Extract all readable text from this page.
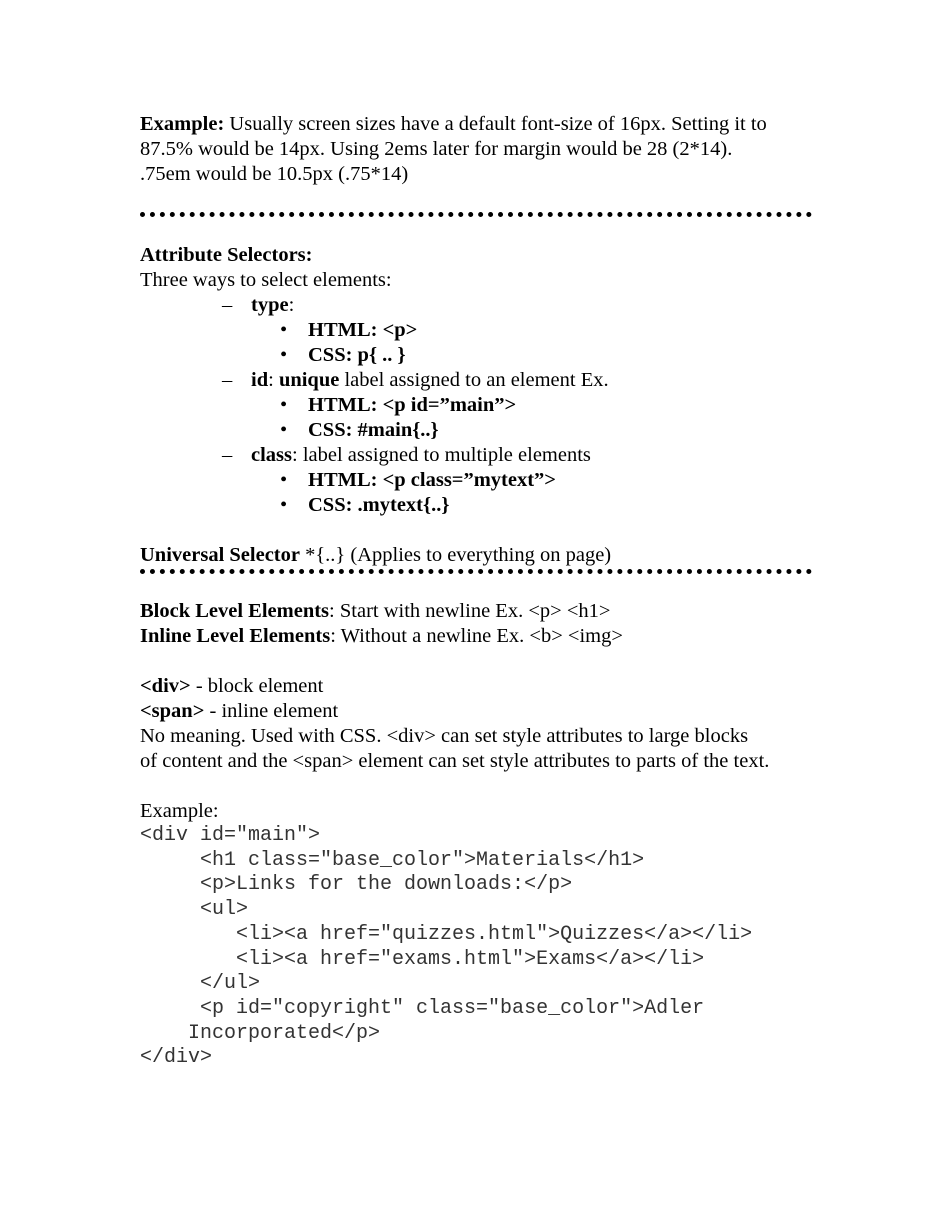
Example: Usually screen sizes have a default font-size of 16px. Setting it to
87.5% would be 14px. Using 2ems later for margin would be 28 (2*14).
.75em would be 10.5px (.75*14)
Attribute Selectors:
Three ways to select elements:
– type:
• HTML: <p>
• CSS: p{ .. }
– id: unique label assigned to an element Ex.
• HTML: <p id=”main”>
• CSS: #main{..}
– class: label assigned to multiple elements
• HTML: <p class=”mytext”>
• CSS: .mytext{..}
Universal Selector *{..} (Applies to everything on page)
Block Level Elements: Start with newline Ex. <p> <h1>
Inline Level Elements: Without a newline Ex. <b> <img>
<div> - block element
<span> - inline element
No meaning. Used with CSS. <div> can set style attributes to large blocks
of content and the <span> element can set style attributes to parts of the text.
Example:
<div id="main">
<h1 class="base_color">Materials</h1>
<p>Links for the downloads:</p>
<ul>
<li><a href="quizzes.html">Quizzes</a></li>
<li><a href="exams.html">Exams</a></li>
</ul>
<p id="copyright" class="base_color">Adler
Incorporated</p>
</div>
